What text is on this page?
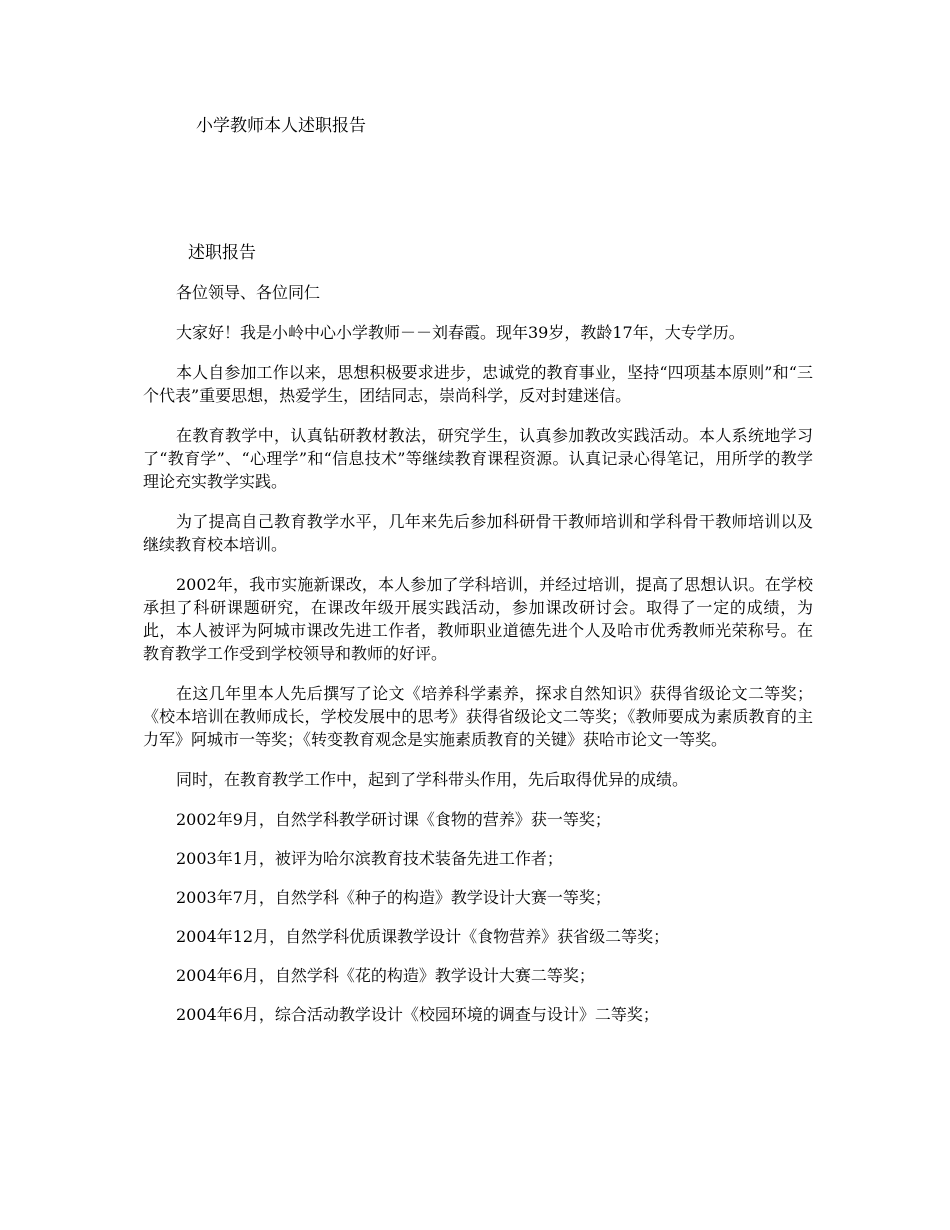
小学教师本人述职报告
述职报告

各位领导、各位同仁

大家好！我是小岭中心小学教师－－刘春霞。现年39岁，教龄17年，大专学历。

本人自参加工作以来，思想积极要求进步，忠诚党的教育事业，坚持“四项基本原则”和“三个代表”重要思想，热爱学生，团结同志，崇尚科学，反对封建迷信。

在教育教学中，认真钻研教材教法，研究学生，认真参加教改实践活动。本人系统地学习了“教育学”、“心理学”和“信息技术”等继续教育课程资源。认真记录心得笔记，用所学的教学理论充实教学实践。

为了提高自己教育教学水平，几年来先后参加科研骨干教师培训和学科骨干教师培训以及继续教育校本培训。

2002年，我市实施新课改，本人参加了学科培训，并经过培训，提高了思想认识。在学校承担了科研课题研究，在课改年级开展实践活动，参加课改研讨会。取得了一定的成绩，为此，本人被评为阿城市课改先进工作者，教师职业道德先进个人及哈市优秀教师光荣称号。在教育教学工作受到学校领导和教师的好评。

在这几年里本人先后撰写了论文《培养科学素养，探求自然知识》获得省级论文二等奖；《校本培训在教师成长，学校发展中的思考》获得省级论文二等奖；《教师要成为素质教育的主力军》阿城市一等奖；《转变教育观念是实施素质教育的关键》获哈市论文一等奖。

同时，在教育教学工作中，起到了学科带头作用，先后取得优异的成绩。

2002年9月，自然学科教学研讨课《食物的营养》获一等奖；

2003年1月，被评为哈尔滨教育技术装备先进工作者；

2003年7月，自然学科《种子的构造》教学设计大赛一等奖；

2004年12月，自然学科优质课教学设计《食物营养》获省级二等奖；

2004年6月，自然学科《花的构造》教学设计大赛二等奖；

2004年6月，综合活动教学设计《校园环境的调查与设计》二等奖；
